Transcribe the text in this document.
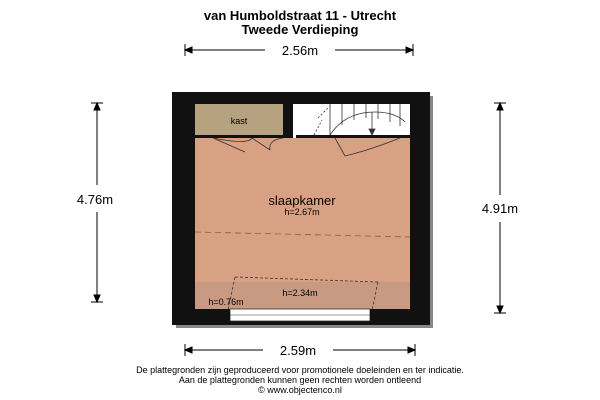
van Humboldstraat 11 - Utrecht
Tweede Verdieping
kast
slaapkamer
h=2.67m
h=2.34m
h=0.76m
2.56m
2.59m
4.76m
4.91m
De plattegronden zijn geproduceerd voor promotionele doeleinden en ter indicatie.
Aan de plattegronden kunnen geen rechten worden ontleend
© www.objectenco.nl
